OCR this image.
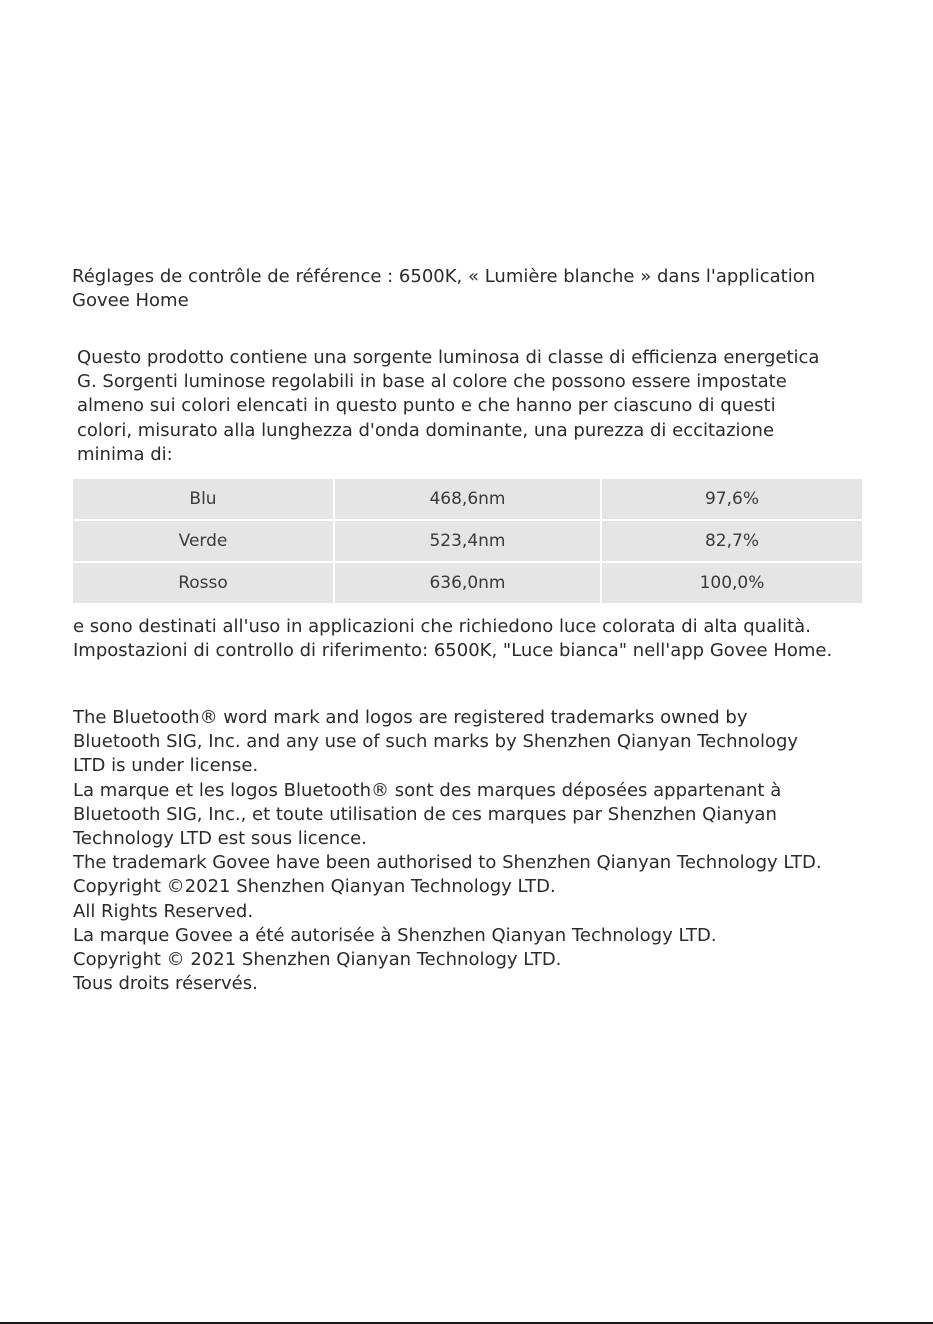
Réglages de contrôle de référence : 6500K, « Lumière blanche » dans l'application
Govee Home
Questo prodotto contiene una sorgente luminosa di classe di efficienza energetica
G. Sorgenti luminose regolabili in base al colore che possono essere impostate
almeno sui colori elencati in questo punto e che hanno per ciascuno di questi
colori, misurato alla lunghezza d'onda dominante, una purezza di eccitazione
minima di:
Blu	468,6nm	97,6%
Verde	523,4nm	82,7%
Rosso	636,0nm	100,0%
e sono destinati all'uso in applicazioni che richiedono luce colorata di alta qualità.
Impostazioni di controllo di riferimento: 6500K, "Luce bianca" nell'app Govee Home.
The Bluetooth® word mark and logos are registered trademarks owned by
Bluetooth SIG, Inc. and any use of such marks by Shenzhen Qianyan Technology
LTD is under license.
La marque et les logos Bluetooth® sont des marques déposées appartenant à
Bluetooth SIG, Inc., et toute utilisation de ces marques par Shenzhen Qianyan
Technology LTD est sous licence.
The trademark Govee have been authorised to Shenzhen Qianyan Technology LTD.
Copyright ©2021 Shenzhen Qianyan Technology LTD.
All Rights Reserved.
La marque Govee a été autorisée à Shenzhen Qianyan Technology LTD.
Copyright © 2021 Shenzhen Qianyan Technology LTD.
Tous droits réservés.
